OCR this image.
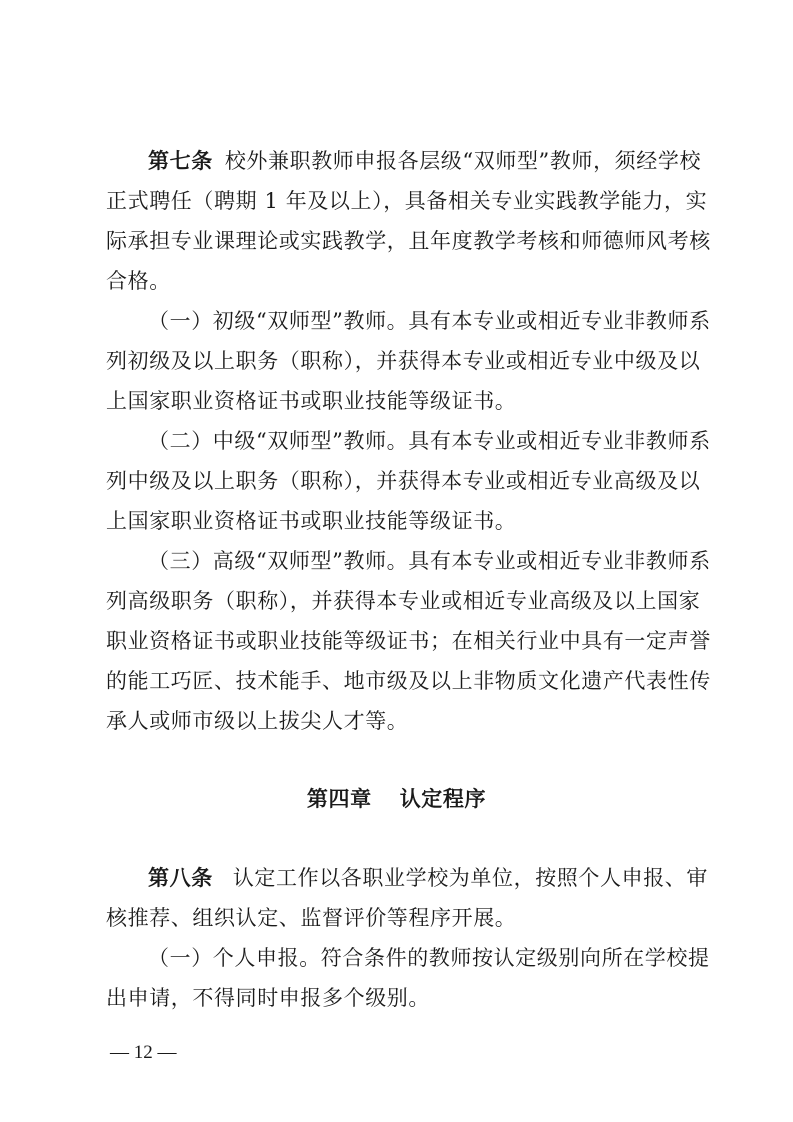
第七条 校外兼职教师申报各层级“双师型”教师，须经学校
正式聘任（聘期 1 年及以上），具备相关专业实践教学能力，实
际承担专业课理论或实践教学，且年度教学考核和师德师风考核
合格。
（一）初级“双师型”教师。具有本专业或相近专业非教师系
列初级及以上职务（职称），并获得本专业或相近专业中级及以
上国家职业资格证书或职业技能等级证书。
（二）中级“双师型”教师。具有本专业或相近专业非教师系
列中级及以上职务（职称），并获得本专业或相近专业高级及以
上国家职业资格证书或职业技能等级证书。
（三）高级“双师型”教师。具有本专业或相近专业非教师系
列高级职务（职称），并获得本专业或相近专业高级及以上国家
职业资格证书或职业技能等级证书；在相关行业中具有一定声誉
的能工巧匠、技术能手、地市级及以上非物质文化遗产代表性传
承人或师市级以上拔尖人才等。
第四章 认定程序
第八条 认定工作以各职业学校为单位，按照个人申报、审
核推荐、组织认定、监督评价等程序开展。
（一）个人申报。符合条件的教师按认定级别向所在学校提
出申请，不得同时申报多个级别。
— 12 —
